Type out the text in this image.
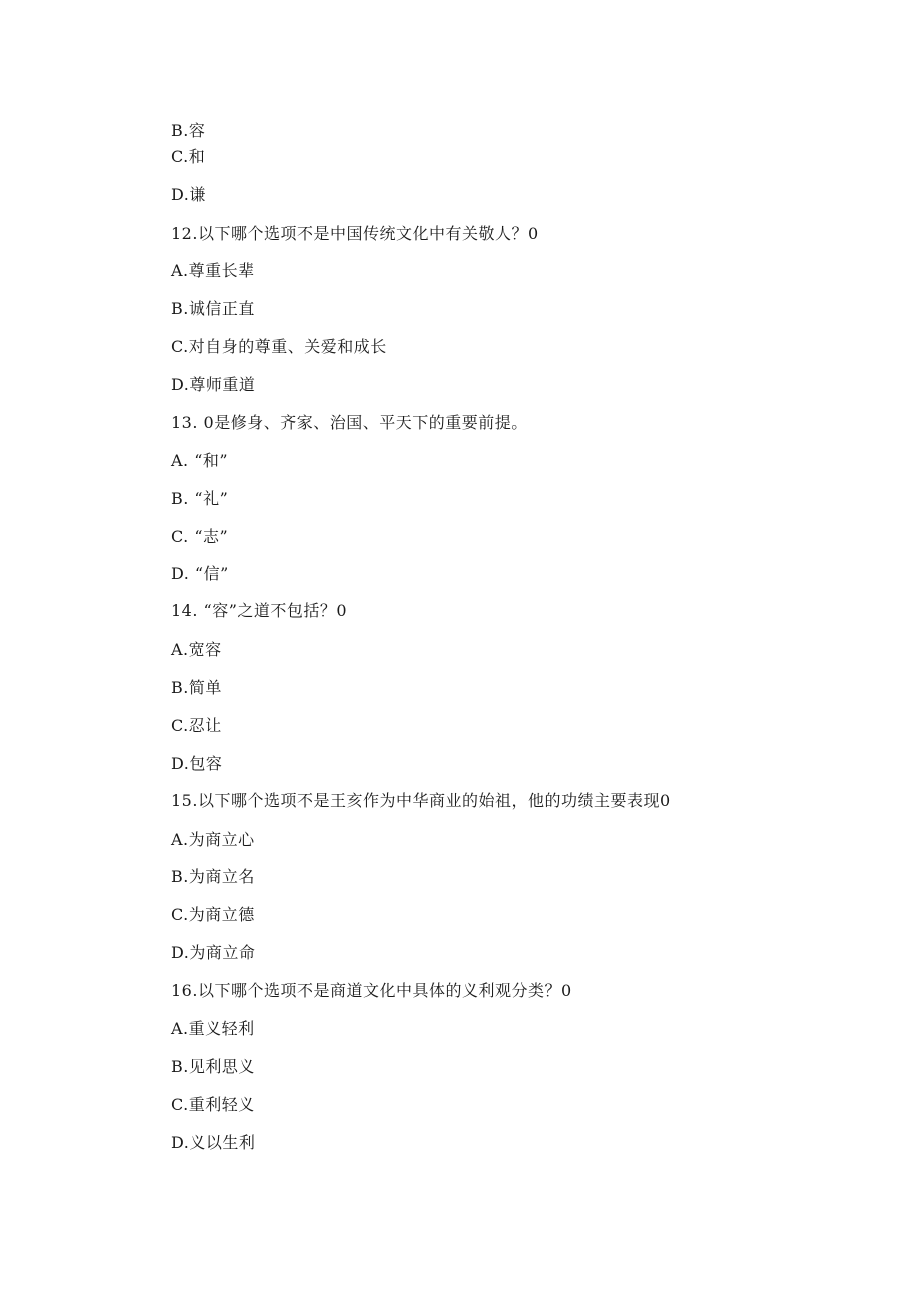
B.容
C.和
D.谦
12.以下哪个选项不是中国传统文化中有关敬人？0
A.尊重长辈
B.诚信正直
C.对自身的尊重、关爱和成长
D.尊师重道
13. 0是修身、齐家、治国、平天下的重要前提。
A. “和”
B. “礼”
C. “志”
D. “信”
14. “容”之道不包括？0
A.宽容
B.简单
C.忍让
D.包容
15.以下哪个选项不是王亥作为中华商业的始祖，他的功绩主要表现0
A.为商立心
B.为商立名
C.为商立德
D.为商立命
16.以下哪个选项不是商道文化中具体的义利观分类？0
A.重义轻利
B.见利思义
C.重利轻义
D.义以生利
